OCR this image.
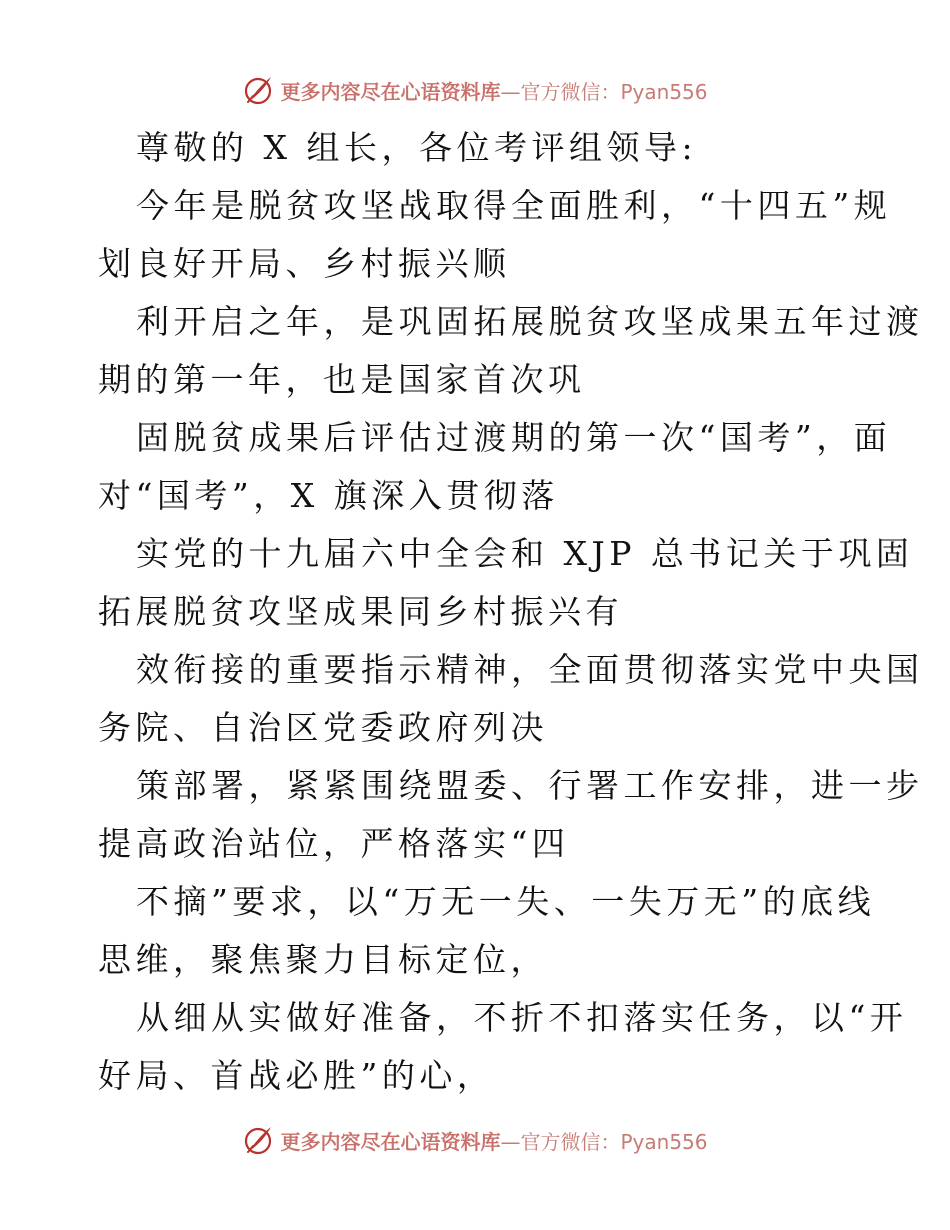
更多内容尽在心语资料库—官方微信：Pyan556
尊敬的 X 组长，各位考评组领导:
今年是脱贫攻坚战取得全面胜利，“十四五”规
划良好开局、乡村振兴顺
利开启之年，是巩固拓展脱贫攻坚成果五年过渡
期的第一年，也是国家首次巩
固脱贫成果后评估过渡期的第一次“国考”，面
对“国考”，X 旗深入贯彻落
实党的十九届六中全会和 XJP 总书记关于巩固
拓展脱贫攻坚成果同乡村振兴有
效衔接的重要指示精神，全面贯彻落实党中央国
务院、自治区党委政府列决
策部署，紧紧围绕盟委、行署工作安排，进一步
提高政治站位，严格落实“四
不摘”要求，以“万无一失、一失万无”的底线
思维，聚焦聚力目标定位，
从细从实做好准备，不折不扣落实任务，以“开
好局、首战必胜”的心，
更多内容尽在心语资料库—官方微信：Pyan556
